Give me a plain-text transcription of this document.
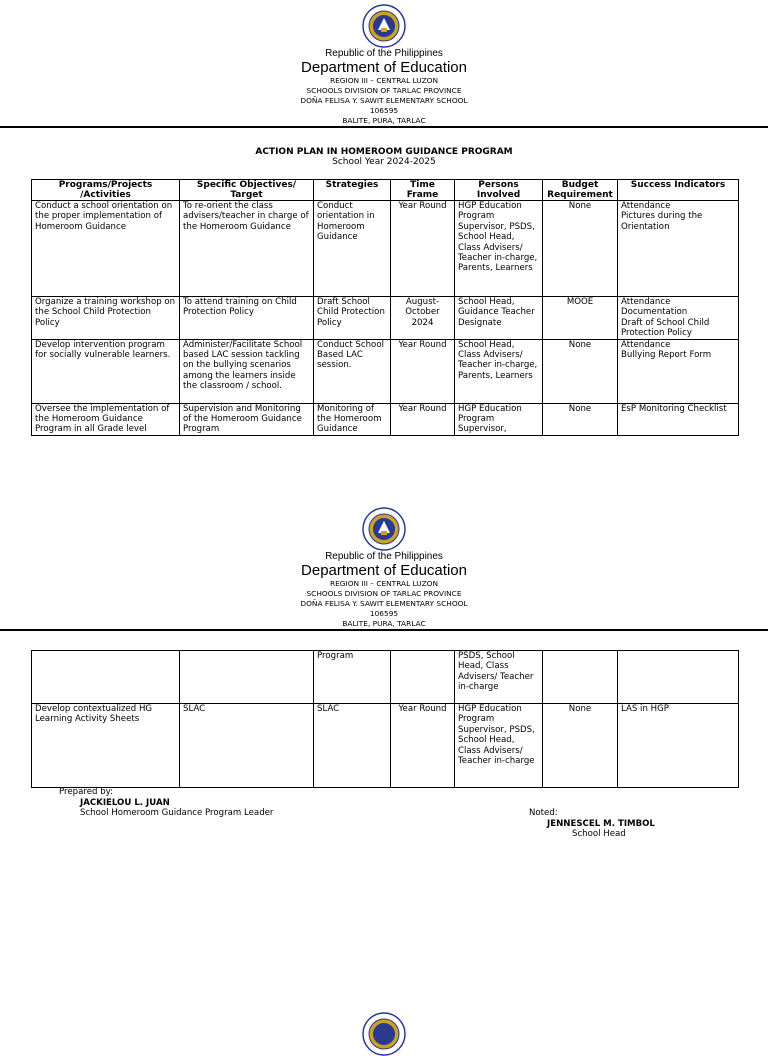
Republic of the Philippines
Department of Education
REGION III – CENTRAL LUZON
SCHOOLS DIVISION OF TARLAC PROVINCE
DOÑA FELISA Y. SAWIT ELEMENTARY SCHOOL
106595
BALITE, PURA, TARLAC
ACTION PLAN IN HOMEROOM GUIDANCE PROGRAM
School Year 2024-2025
Programs/Projects /Activities	Specific Objectives/ Target	Strategies	Time Frame	Persons Involved	Budget Requirement	Success Indicators
Conduct a school orientation on the proper implementation of Homeroom Guidance	To re-orient the class advisers/teacher in charge of the Homeroom Guidance	Conduct orientation in Homeroom Guidance	Year Round	HGP Education Program Supervisor, PSDS, School Head, Class Advisers/ Teacher in-charge, Parents, Learners	None	Attendance
Pictures during the Orientation
Organize a training workshop on the School Child Protection Policy	To attend training on Child Protection Policy	Draft School Child Protection Policy	August-October 2024	School Head, Guidance Teacher Designate	MOOE	Attendance
Documentation
Draft of School Child Protection Policy
Develop intervention program for socially vulnerable learners.	Administer/Facilitate School based LAC session tackling on the bullying scenarios among the learners inside the classroom / school.	Conduct School Based LAC session.	Year Round	School Head, Class Advisers/ Teacher in-charge, Parents, Learners	None	Attendance
Bullying Report Form
Oversee the implementation of the Homeroom Guidance Program in all Grade level	Supervision and Monitoring of the Homeroom Guidance Program	Monitoring of the Homeroom Guidance	Year Round	HGP Education Program Supervisor,	None	EsP Monitoring Checklist
Republic of the Philippines
Department of Education
REGION III – CENTRAL LUZON
SCHOOLS DIVISION OF TARLAC PROVINCE
DOÑA FELISA Y. SAWIT ELEMENTARY SCHOOL
106595
BALITE, PURA, TARLAC
		Program		PSDS, School Head, Class Advisers/ Teacher in-charge		
Develop contextualized HG Learning Activity Sheets	SLAC	SLAC	Year Round	HGP Education Program Supervisor, PSDS, School Head, Class Advisers/ Teacher in-charge	None	LAS in HGP
Prepared by:
JACKIELOU L. JUAN
School Homeroom Guidance Program Leader	Noted:
JENNESCEL M. TIMBOL
School Head
